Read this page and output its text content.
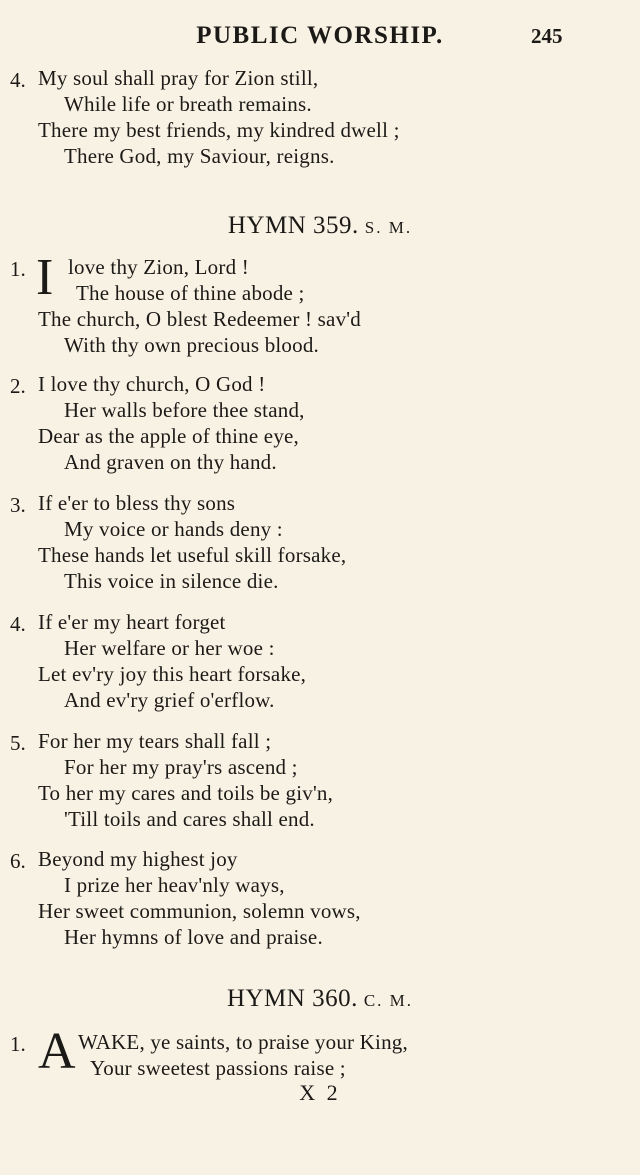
PUBLIC WORSHIP.	245
4. My soul shall pray for Zion still,
While life or breath remains.
There my best friends, my kindred dwell ;
There God, my Saviour, reigns.
HYMN 359. S. M.
1. I love thy Zion, Lord !
The house of thine abode ;
The church, O blest Redeemer ! sav'd
With thy own precious blood.
2. I love thy church, O God !
Her walls before thee stand,
Dear as the apple of thine eye,
And graven on thy hand.
3. If e'er to bless thy sons
My voice or hands deny :
These hands let useful skill forsake,
This voice in silence die.
4. If e'er my heart forget
Her welfare or her woe :
Let ev'ry joy this heart forsake,
And ev'ry grief o'erflow.
5. For her my tears shall fall ;
For her my pray'rs ascend ;
To her my cares and toils be giv'n,
'Till toils and cares shall end.
6. Beyond my highest joy
I prize her heav'nly ways,
Her sweet communion, solemn vows,
Her hymns of love and praise.
HYMN 360. C. M.
1. A WAKE, ye saints, to praise your King,
Your sweetest passions raise ;
X 2
